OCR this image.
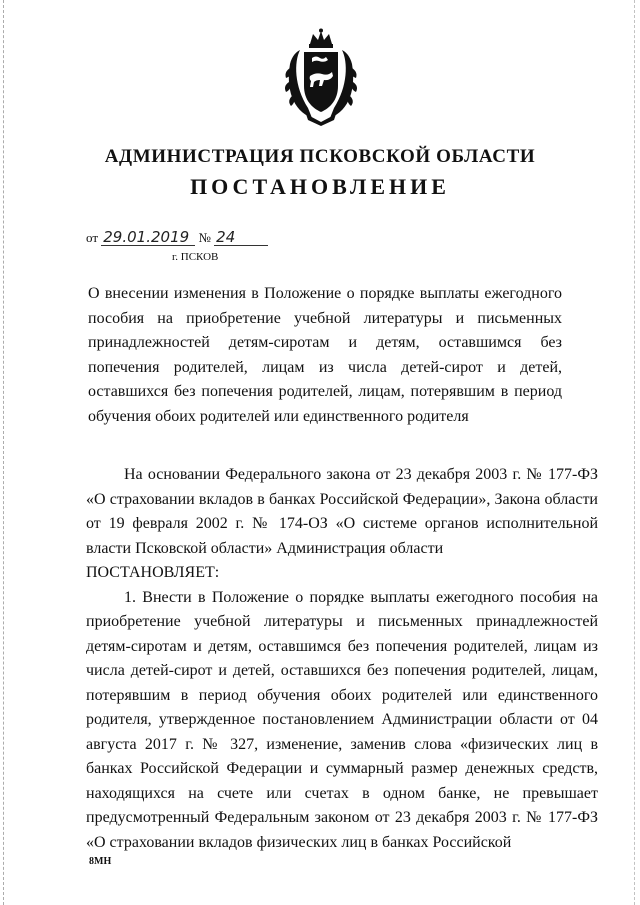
АДМИНИСТРАЦИЯ ПСКОВСКОЙ ОБЛАСТИ
ПОСТАНОВЛЕНИЕ
от 29.01.2019 № 24
г. ПСКОВ
О внесении изменения в Положение о порядке выплаты ежегодного пособия на приобретение учебной литературы и письменных принадлежностей детям-сиротам и детям, оставшимся без попечения родителей, лицам из числа детей-сирот и детей, оставшихся без попечения родителей, лицам, потерявшим в период обучения обоих родителей или единственного родителя

На основании Федерального закона от 23 декабря 2003 г. № 177-ФЗ «О страховании вкладов в банках Российской Федерации», Закона области от 19 февраля 2002 г. № 174-ОЗ «О системе органов исполнительной власти Псковской области» Администрация области

ПОСТАНОВЛЯЕТ:

1. Внести в Положение о порядке выплаты ежегодного пособия на приобретение учебной литературы и письменных принадлежностей детям-сиротам и детям, оставшимся без попечения родителей, лицам из числа детей-сирот и детей, оставшихся без попечения родителей, лицам, потерявшим в период обучения обоих родителей или единственного родителя, утвержденное постановлением Администрации области от 04 августа 2017 г. № 327, изменение, заменив слова «физических лиц в банках Российской Федерации и суммарный размер денежных средств, находящихся на счете или счетах в одном банке, не превышает предусмотренный Федеральным законом от 23 декабря 2003 г. № 177-ФЗ «О страховании вкладов физических лиц в банках Российской

8МН
